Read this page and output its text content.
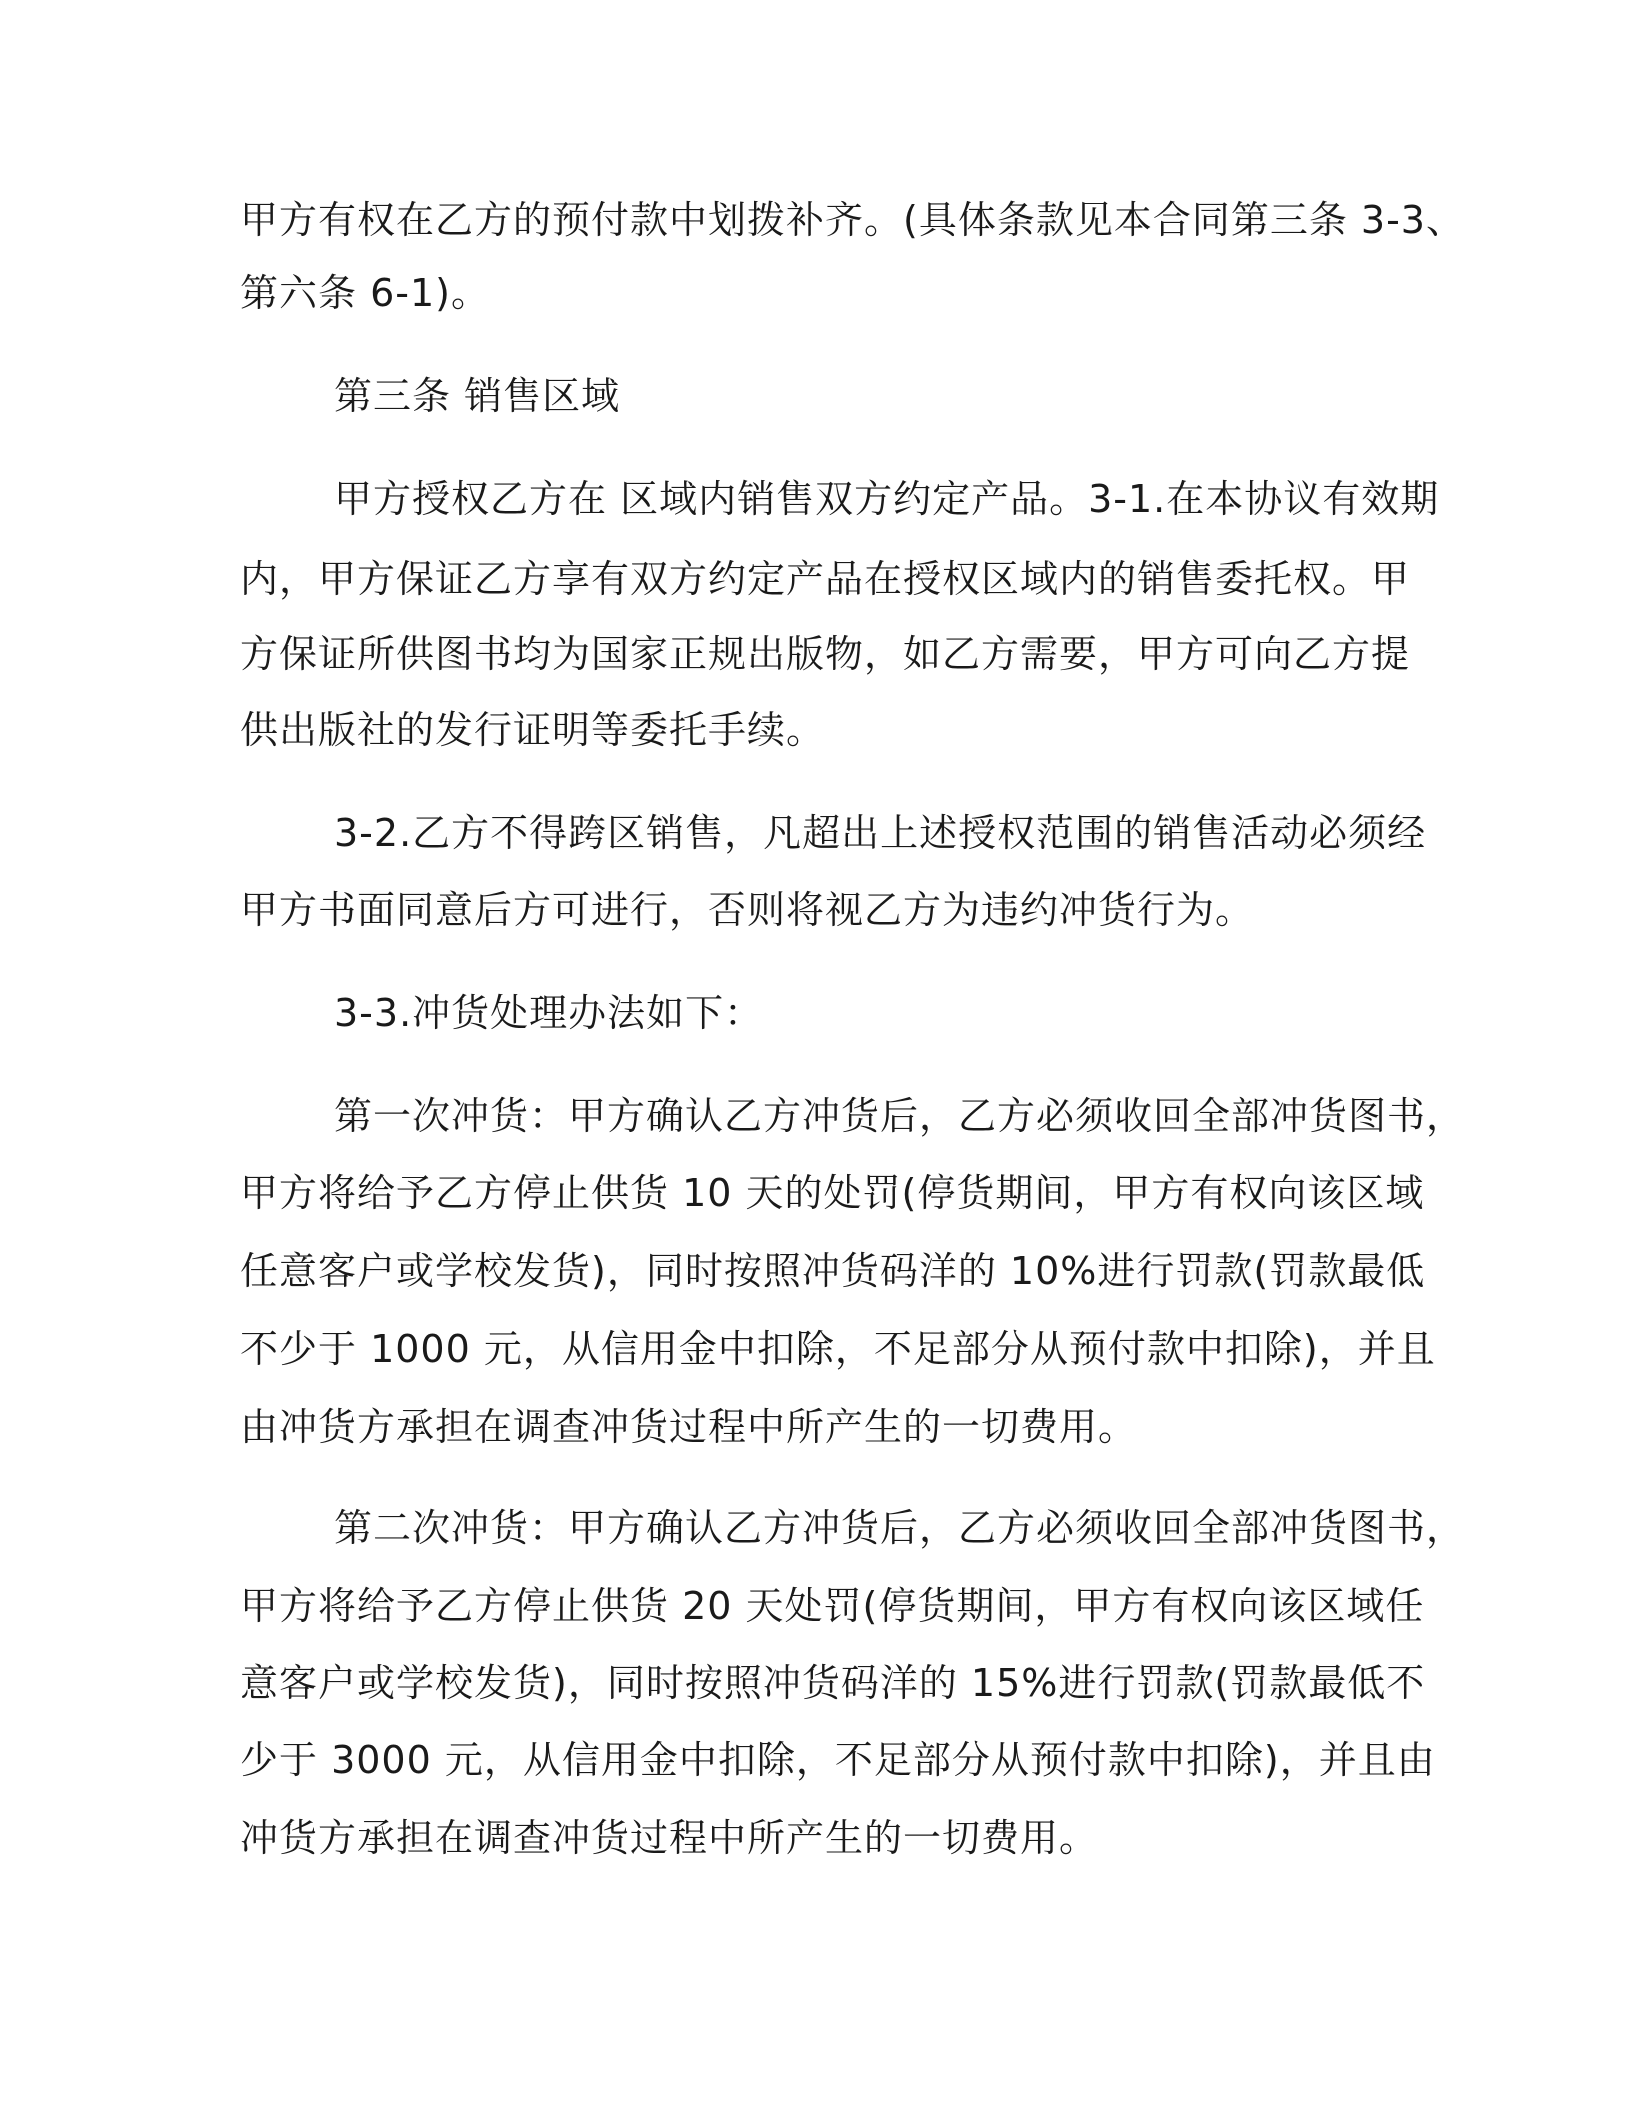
甲方有权在乙方的预付款中划拨补齐。(具体条款见本合同第三条 3-3、
第六条 6-1)。
第三条 销售区域
甲方授权乙方在 区域内销售双方约定产品。3-1.在本协议有效期
内，甲方保证乙方享有双方约定产品在授权区域内的销售委托权。甲
方保证所供图书均为国家正规出版物，如乙方需要，甲方可向乙方提
供出版社的发行证明等委托手续。
3-2.乙方不得跨区销售，凡超出上述授权范围的销售活动必须经
甲方书面同意后方可进行，否则将视乙方为违约冲货行为。
3-3.冲货处理办法如下：
第一次冲货：甲方确认乙方冲货后，乙方必须收回全部冲货图书，
甲方将给予乙方停止供货 10 天的处罚(停货期间，甲方有权向该区域
任意客户或学校发货)，同时按照冲货码洋的 10%进行罚款(罚款最低
不少于 1000 元，从信用金中扣除，不足部分从预付款中扣除)，并且
由冲货方承担在调查冲货过程中所产生的一切费用。
第二次冲货：甲方确认乙方冲货后，乙方必须收回全部冲货图书，
甲方将给予乙方停止供货 20 天处罚(停货期间，甲方有权向该区域任
意客户或学校发货)，同时按照冲货码洋的 15%进行罚款(罚款最低不
少于 3000 元，从信用金中扣除，不足部分从预付款中扣除)，并且由
冲货方承担在调查冲货过程中所产生的一切费用。
